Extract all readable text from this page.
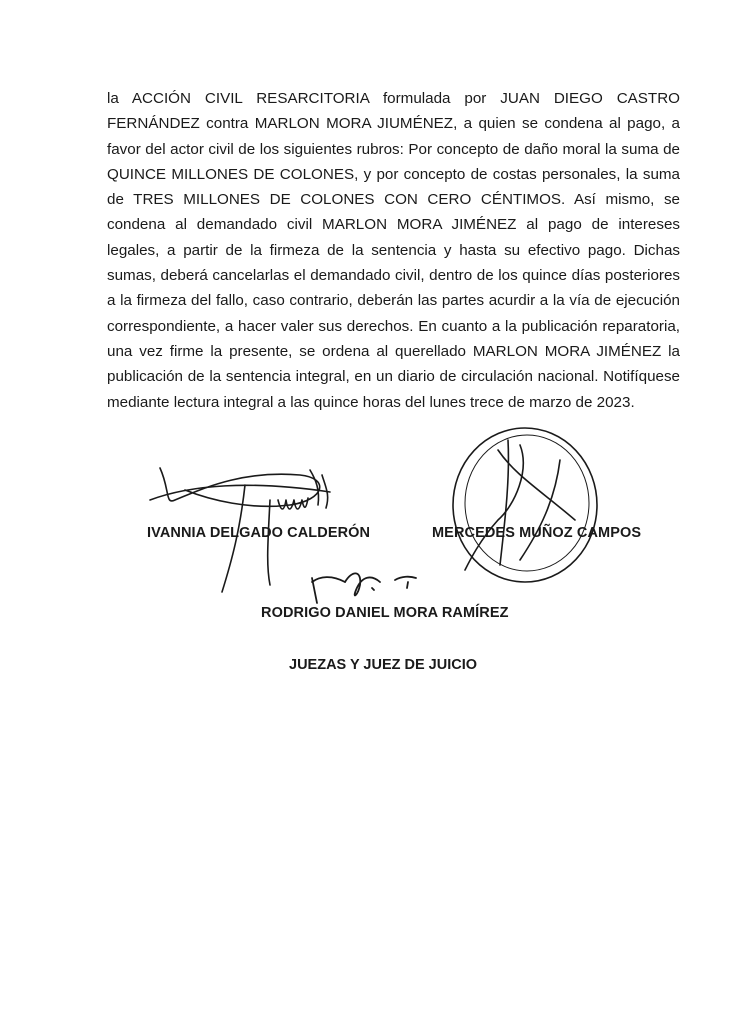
la ACCIÓN CIVIL RESARCITORIA formulada por JUAN DIEGO CASTRO FERNÁNDEZ contra MARLON MORA JIUMÉNEZ, a quien se condena al pago, a favor del actor civil de los siguientes rubros: Por concepto de daño moral la suma de QUINCE MILLONES DE COLONES, y por concepto de costas personales, la suma de TRES MILLONES DE COLONES CON CERO CÉNTIMOS. Así mismo, se condena al demandado civil MARLON MORA JIMÉNEZ al pago de intereses legales, a partir de la firmeza de la sentencia y hasta su efectivo pago. Dichas sumas, deberá cancelarlas el demandado civil, dentro de los quince días posteriores a la firmeza del fallo, caso contrario, deberán las partes acurdir a la vía de ejecución correspondiente, a hacer valer sus derechos. En cuanto a la publicación reparatoria, una vez firme la presente, se ordena al querellado MARLON MORA JIMÉNEZ la publicación de la sentencia integral, en un diario de circulación nacional. Notifíquese mediante lectura integral a las quince horas del lunes trece de marzo de 2023.

IVANNIA DELGADO CALDERÓN	MERCEDES MUÑOZ CAMPOS
RODRIGO DANIEL MORA RAMÍREZ
JUEZAS Y JUEZ DE JUICIO
